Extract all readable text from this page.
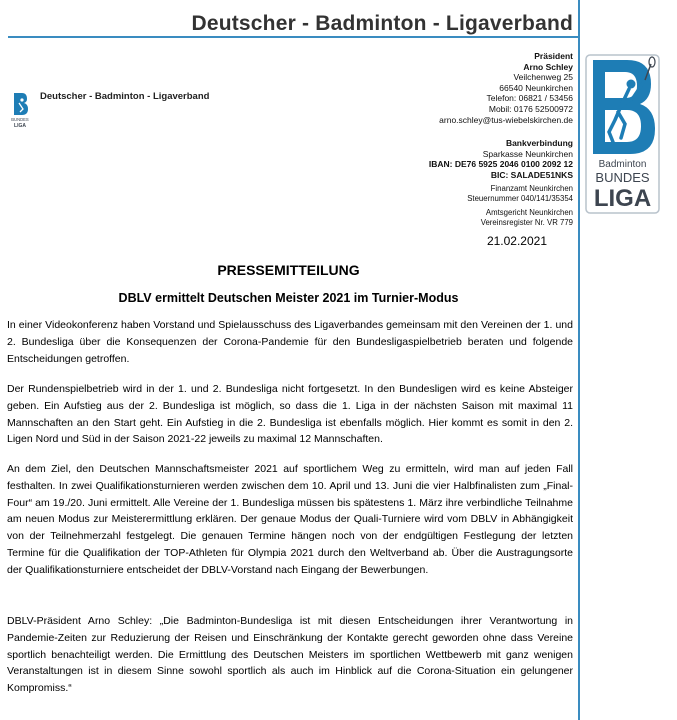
Deutscher - Badminton - Ligaverband
BUNDES
LIGA
Deutscher - Badminton - Ligaverband
Präsident
Arno Schley
Veilchenweg 25
66540 Neunkirchen
Telefon: 06821 / 53456
Mobil: 0176 52500972
arno.schley@tus-wiebelskirchen.de
Bankverbindung
Sparkasse Neunkirchen
IBAN: DE76 5925 2046 0100 2092 12
BIC: SALADE51NKS
Finanzamt Neunkirchen
Steuernummer 040/141/35354
Amtsgericht Neunkirchen
Vereinsregister Nr. VR 779
21.02.2021
Badminton
BUNDES
LIGA
PRESSEMITTEILUNG
DBLV ermittelt Deutschen Meister 2021 im Turnier-Modus
In einer Videokonferenz haben Vorstand und Spielausschuss des Ligaverbandes gemeinsam mit den Vereinen der 1. und 2. Bundesliga über die Konsequenzen der Corona-Pandemie für den Bundesligaspielbetrieb beraten und folgende Entscheidungen getroffen.
Der Rundenspielbetrieb wird in der 1. und 2. Bundesliga nicht fortgesetzt. In den Bundesligen wird es keine Absteiger geben. Ein Aufstieg aus der 2. Bundesliga ist möglich, so dass die 1. Liga in der nächsten Saison mit maximal 11 Mannschaften an den Start geht. Ein Aufstieg in die 2. Bundesliga ist ebenfalls möglich. Hier kommt es somit in den 2. Ligen Nord und Süd in der Saison 2021-22 jeweils zu maximal 12 Mannschaften.
An dem Ziel, den Deutschen Mannschaftsmeister 2021 auf sportlichem Weg zu ermitteln, wird man auf jeden Fall festhalten. In zwei Qualifikationsturnieren werden zwischen dem 10. April und 13. Juni die vier Halbfinalisten zum „Final-Four“ am 19./20. Juni ermittelt. Alle Vereine der 1. Bundesliga müssen bis spätestens 1. März ihre verbindliche Teilnahme am neuen Modus zur Meisterermittlung erklären. Der genaue Modus der Quali-Turniere wird vom DBLV in Abhängigkeit von der Teilnehmerzahl festgelegt. Die genauen Termine hängen noch von der endgültigen Festlegung der letzten Termine für die Qualifikation der TOP-Athleten für Olympia 2021 durch den Weltverband ab. Über die Austragungsorte der Qualifikationsturniere entscheidet der DBLV-Vorstand nach Eingang der Bewerbungen.
DBLV-Präsident Arno Schley: „Die Badminton-Bundesliga ist mit diesen Entscheidungen ihrer Verantwortung in Pandemie-Zeiten zur Reduzierung der Reisen und Einschränkung der Kontakte gerecht geworden ohne dass Vereine sportlich benachteiligt werden. Die Ermittlung des Deutschen Meisters im sportlichen Wettbewerb mit ganz wenigen Veranstaltungen ist in diesem Sinne sowohl sportlich als auch im Hinblick auf die Corona-Situation ein gelungener Kompromiss.“
